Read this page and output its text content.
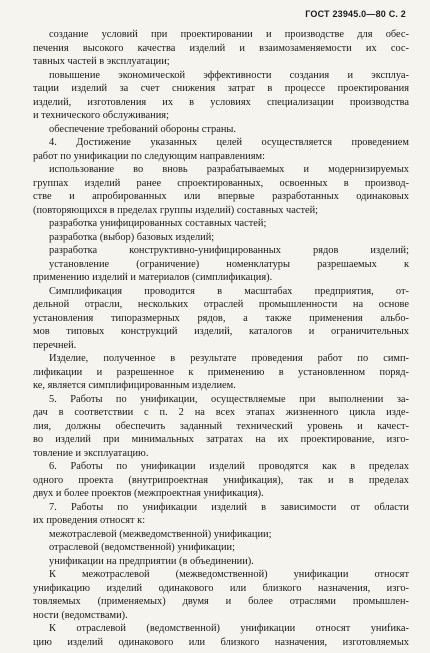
ГОСТ 23945.0—80 С. 2
создание условий при проектировании и производстве для обес-
печения высокого качества изделий и взаимозаменяемости их сос-
тавных частей в эксплуатации;
повышение экономической эффективности создания и эксплуа-
тации изделий за счет снижения затрат в процессе проектирования
изделий, изготовления их в условиях специализации производства
и технического обслуживания;
обеспечение требований обороны страны.
4. Достижение указанных целей осуществляется проведением
работ по унификации по следующим направлениям:
использование во вновь разрабатываемых и модернизируемых
группах изделий ранее спроектированных, освоенных в производ-
стве и апробированных или впервые разработанных одинаковых
(повторяющихся в пределах группы изделий) составных частей;
разработка унифицированных составных частей;
разработка (выбор) базовых изделий;
разработка конструктивно-унифицированных рядов изделий;
установление (ограничение) номенклатуры разрешаемых к
применению изделий и материалов (симплификация).
Симплификация проводится в масштабах предприятия, от-
дельной отрасли, нескольких отраслей промышленности на основе
установления типоразмерных рядов, а также применения альбо-
мов типовых конструкций изделий, каталогов и ограничительных
перечней.
Изделие, полученное в результате проведения работ по симп-
лификации и разрешенное к применению в установленном поряд-
ке, является симплифицированным изделием.
5. Работы по унификации, осуществляемые при выполнении за-
дач в соответствии с п. 2 на всех этапах жизненного цикла изде-
лия, должны обеспечить заданный технический уровень и качест-
во изделий при минимальных затратах на их проектирование, изго-
товление и эксплуатацию.
6. Работы по унификации изделий проводятся как в пределах
одного проекта (внутрипроектная унификация), так и в пределах
двух и более проектов (межпроектная унификация).
7. Работы по унификации изделий в зависимости от области
их проведения относят к:
межотраслевой (межведомственной) унификации;
отраслевой (ведомственной) унификации;
унификации на предприятии (в объединении).
К межотраслевой (межведомственной) унификации относят
унификацию изделий одинакового или близкого назначения, изго-
товляемых (применяемых) двумя и более отраслями промышлен-
ности (ведомствами).
К отраслевой (ведомственной) унификации относят униfика-
цию изделий одинакового или близкого назначения, изготовляемых
